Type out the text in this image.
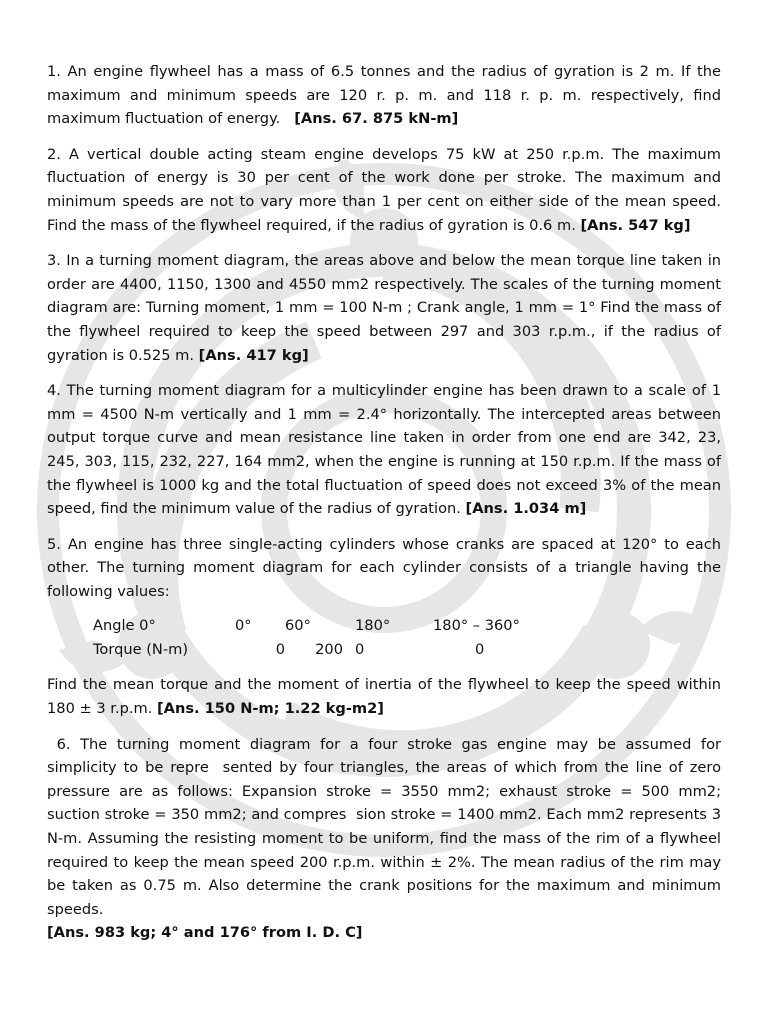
1. An engine flywheel has a mass of 6.5 tonnes and the radius of gyration is 2 m. If the maximum and minimum speeds are 120 r. p. m. and 118 r. p. m. respectively, find maximum fluctuation of energy. [Ans. 67. 875 kN-m]

2. A vertical double acting steam engine develops 75 kW at 250 r.p.m. The maximum fluctuation of energy is 30 per cent of the work done per stroke. The maximum and minimum speeds are not to vary more than 1 per cent on either side of the mean speed. Find the mass of the flywheel required, if the radius of gyration is 0.6 m. [Ans. 547 kg]

3. In a turning moment diagram, the areas above and below the mean torque line taken in order are 4400, 1150, 1300 and 4550 mm2 respectively. The scales of the turning moment diagram are: Turning moment, 1 mm = 100 N-m ; Crank angle, 1 mm = 1° Find the mass of the flywheel required to keep the speed between 297 and 303 r.p.m., if the radius of gyration is 0.525 m. [Ans. 417 kg]

4. The turning moment diagram for a multicylinder engine has been drawn to a scale of 1 mm = 4500 N-m vertically and 1 mm = 2.4° horizontally. The intercepted areas between output torque curve and mean resistance line taken in order from one end are 342, 23, 245, 303, 115, 232, 227, 164 mm2, when the engine is running at 150 r.p.m. If the mass of the flywheel is 1000 kg and the total fluctuation of speed does not exceed 3% of the mean speed, find the minimum value of the radius of gyration. [Ans. 1.034 m]

5. An engine has three single-acting cylinders whose cranks are spaced at 120° to each other. The turning moment diagram for each cylinder consists of a triangle having the following values:

Angle 0°	0°	60°	180°	180° – 360°
Torque (N-m)	0	200	0	0

Find the mean torque and the moment of inertia of the flywheel to keep the speed within 180 ± 3 r.p.m. [Ans. 150 N-m; 1.22 kg-m2]

6. The turning moment diagram for a four stroke gas engine may be assumed for simplicity to be repre  sented by four triangles, the areas of which from the line of zero pressure are as follows: Expansion stroke = 3550 mm2; exhaust stroke = 500 mm2; suction stroke = 350 mm2; and compres  sion stroke = 1400 mm2. Each mm2 represents 3 N-m. Assuming the resisting moment to be uniform, find the mass of the rim of a flywheel required to keep the mean speed 200 r.p.m. within ± 2%. The mean radius of the rim may be taken as 0.75 m. Also determine the crank positions for the maximum and minimum speeds.
[Ans. 983 kg; 4° and 176° from I. D. C]
